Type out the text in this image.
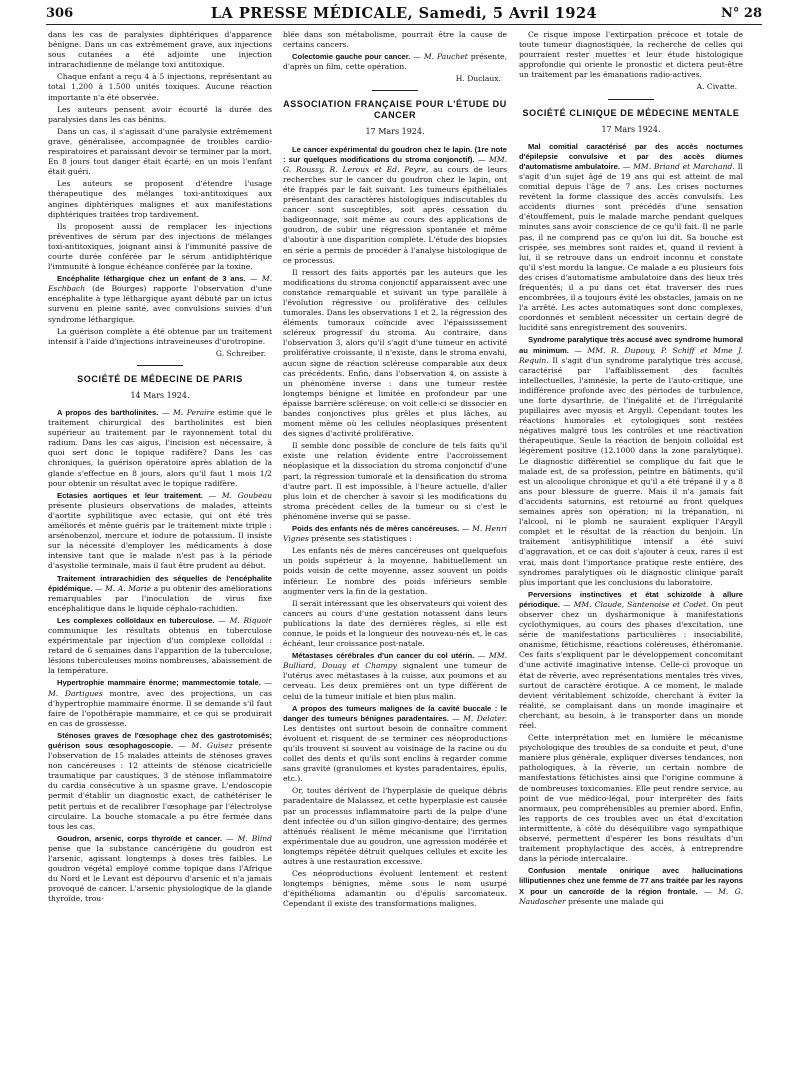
306	LA PRESSE MÉDICALE, Samedi, 5 Avril 1924	N° 28

dans les cas de paralysies diphtériques d'apparence bénigne. Dans un cas extrêmement grave, aux injections sous cutanées a été adjointe une injection intrarachidienne de mélange toxi antitoxique.

Chaque enfant a reçu 4 à 5 injections, représentant au total 1.200 à 1.500 unités toxiques. Aucune réaction importante n'a été observée.

Les auteurs pensent avoir écourté la durée des paralysies dans les cas bénins.

Dans un cas, il s'agissait d'une paralysie extrêmement grave, généralisée, accompagnée de troubles cardio-respiratoires et paraissant devoir se terminer par la mort. En 8 jours tout danger était écarté; en un mois l'enfant était guéri.

Les auteurs se proposent d'étendre l'usage thérapeutique des mélanges toxi-antitoxiques aux angines diphtériques malignes et aux manifestations diphtériques traitées trop tardivement.

Ils proposent aussi de remplacer les injections préventives de sérum par des injections de mélanges toxi-antitoxiques, joignant ainsi à l'immunité passive de courte durée conférée par le sérum antidiphtérique l'immunité à longue échéance conférée par la toxine.

Encéphalite léthargique chez un enfant de 3 ans. — M. Eschbach (de Bourges) rapporte l'observation d'une encéphalite à type léthargique ayant débuté par un ictus survenu en pleine santé, avec convulsions suivies d'un syndrome léthargique.

La guérison complète a été obtenue par un traitement intensif à l'aide d'injections intraveineuses d'urotropine.

G. Schreiber.
SOCIÉTÉ DE MÉDECINE DE PARIS
14 Mars 1924.

A propos des bartholinites. — M. Peraire estime que le traitement chirurgical des bartholinites est bien supérieur au traitement par le rayonnement total du radium. Dans les cas aigus, l'incision est nécessaire, à quoi sert donc le topique radifère? Dans les cas chroniques, la guérison opératoire après ablation de la glande s'effectue en 8 jours, alors qu'il faut 1 mois 1/2 pour obtenir un résultat avec le topique radifère.

Ectasies aortiques et leur traitement. — M. Goubeau présente plusieurs observations de malades, atteints d'aortite syphilitique avec ectasie, qui ont été très améliorés et même guéris par le traitement mixte triple : arsénobenzol, mercure et iodure de potassium. Il insiste sur la nécessité d'employer les médicaments à dose intensive tant que le malade n'est pas à la période d'asystolie terminale, mais il faut être prudent au début.

Traitement intrarachidien des séquelles de l'encéphalite épidémique. — M. A. Marie a pu obtenir des améliorations remarquables par l'inoculation de virus fixe encéphalitique dans le liquide céphalo-rachidien.

Les complexes colloïdaux en tuberculose. — M. Riquoir communique les résultats obtenus en tuberculose expérimentale par injection d'un complexe colloïdal : retard de 6 semaines dans l'apparition de la tuberculose, lésions tuberculeuses moins nombreuses, abaissement de la température.

Hypertrophie mammaire énorme; mammectomie totale. — M. Dartigues montre, avec des projections, un cas d'hypertrophie mammaire énorme. Il se demande s'il faut faire de l'opothérapie mammaire, et ce qui se produirait en cas de grossesse.

Sténoses graves de l'œsophage chez des gastrotomisés; guérison sous œsophagoscopie. — M. Guisez présente l'observation de 15 malades atteints de sténoses graves non cancéreuses : 12 atteints de sténose cicatricielle traumatique par caustiques, 3 de sténose inflammatoire du cardia consécutive à un spasme grave. L'endoscopie permit d'établir un diagnostic exact, de cathétériser le petit pertuis et de recalibrer l'œsophage par l'électrolyse circulaire. La bouche stomacale a pu être fermée dans tous les cas.

Goudron, arsenic, corps thyroïde et cancer. — M. Blind pense que la substance cancérigène du goudron est l'arsenic, agissant longtemps à doses très faibles. Le goudron végétal employé comme topique dans l'Afrique du Nord et le Levant est dépourvu d'arsenic et n'a jamais provoqué de cancer. L'arsenic physiologique de la glande thyroïde, trou-

blée dans son métabolisme, pourrait être la cause de certains cancers.

Colectomie gauche pour cancer. — M. Pauchet présente, d'après un film, cette opération.

H. Duclaux.
ASSOCIATION FRANÇAISE POUR L'ÉTUDE DU CANCER
17 Mars 1924.

Le cancer expérimental du goudron chez le lapin. (1re note : sur quelques modifications du stroma conjonctif). — MM. G. Roussy, R. Leroux et Ed. Peyre, au cours de leurs recherches sur le cancer du goudron chez le lapin, ont été frappés par le fait suivant. Les tumeurs épithéliales présentant des caractères histologiques indiscutables du cancer sont susceptibles, soit après cessation du badigeonnage, soit même au cours des applications de goudron, de subir une régression spontanée et même d'aboutir à une disparition complète. L'étude des biopsies en série a permis de procéder à l'analyse histologique de ce processus.

Il ressort des faits apportés par les auteurs que les modifications du stroma conjonctif apparaissent avec une constance remarquable et suivant un type parallèle à l'évolution régressive ou proliférative des cellules tumorales. Dans les observations 1 et 2, la régression des éléments tumoraux coïncide avec l'épaississement scléreux progressif du stroma. Au contraire, dans l'observation 3, alors qu'il s'agit d'une tumeur en activité proliférative croissante, il n'existe, dans le stroma envahi, aucun signe de réaction scléreuse comparable aux deux cas précédents. Enfin, dans l'observation 4, on assiste à un phénomène inverse : dans une tumeur restée longtemps bénigne et limitée en profondeur par une épaisse barrière scléreuse, on voit celle-ci se dissocier en bandes conjonctives plus grêles et plus lâches, au moment même où les cellules néoplasiques présentent des signes d'activité proliférative.

Il semble donc possible de conclure de tels faits qu'il existe une relation évidente entre l'accroissement néoplasique et la dissociation du stroma conjonctif d'une part, la régression tumorale et la densification du stroma d'autre part. Il est impossible, à l'heure actuelle, d'aller plus loin et de chercher à savoir si les modifications du stroma précèdent celles de la tumeur ou si c'est le phénomène inverse qui se passe.

Poids des enfants nés de mères cancéreuses. — M. Henri Vignes présente ses statistiques :

Les enfants nés de mères cancéreuses ont quelquefois un poids supérieur à la moyenne, habituellement un poids voisin de cette moyenne, assez souvent un poids inférieur. Le nombre des poids inférieurs semble augmenter vers la fin de la gestation.

Il serait intéressant que les observateurs qui voient des cancers au cours d'une gestation notassent dans leurs publications la date des dernières règles, si elle est connue, le poids et la longueur des nouveau-nés et, le cas échéant, leur croissance post-natale.

Métastases cérébrales d'un cancer du col utérin. — MM. Bulliard, Douay et Champy signalent une tumeur de l'utérus avec métastases à la cuisse, aux poumons et au cerveau. Les deux premières ont un type différent de celui de la tumeur initiale et bien plus malin.

A propos des tumeurs malignes de la cavité buccale : le danger des tumeurs bénignes paradentaires. — M. Delater. Les dentistes ont surtout besoin de connaître comment évoluent et risquent de se terminer ces néoproductions qu'ils trouvent si souvent au voisinage de la racine ou du collet des dents et qu'ils sont enclins à regarder comme sans gravité (granulomes et kystes paradentaires, épulis, etc.).

Or, toutes dérivent de l'hyperplasie de quelque débris paradentaire de Malassez, et cette hyperplasie est causée par un processus inflammatoire parti de la pulpe d'une dent infectée ou d'un sillon gingivo-dentaire; des germes atténués réalisent le même mécanisme que l'irritation expérimentale due au goudron, une agression modérée et longtemps répétée détruit quelques cellules et excite les autres à une restauration excessive.

Ces néoproductions évoluent lentement et restent longtemps bénignes, même sous le nom usurpé d'épithélioma adamantin ou d'épulis sarcomateux. Cependant il existe des transformations malignes.

Ce risque impose l'extirpation précoce et totale de toute tumeur diagnostiquée, la recherche de celles qui pourraient rester muettes et leur étude histologique approfondie qui oriente le pronostic et dictera peut-être un traitement par les émanations radio-actives.

A. Civatte.
SOCIÉTÉ CLINIQUE DE MÉDECINE MENTALE
17 Mars 1924.

Mal comitial caractérisé par des accès nocturnes d'épilepsie convulsive et par des accès diurnes d'automatisme ambulatoire. — MM. Briand et Marchand. Il s'agit d'un sujet âgé de 19 ans qui est atteint de mal comitial depuis l'âge de 7 ans. Les crises nocturnes revêtent la forme classique des accès convulsifs. Les accidents diurnes sont précédés d'une sensation d'étouffement, puis le malade marche pendant quelques minutes sans avoir conscience de ce qu'il fait. Il ne parle pas, il ne comprend pas ce qu'on lui dit. Sa bouche est crispée, ses membres sont raides et, quand il revient à lui, il se retrouve dans un endroit inconnu et constate qu'il s'est mordu la langue. Ce malade a eu plusieurs fois des crises d'automatisme ambulatoire dans des lieux très fréquentés; il a pu dans cet état traverser des rues encombrées, il a toujours évité les obstacles, jamais on ne l'a arrêté. Les actes automatiques sont donc complexes, coordonnés et semblent nécessiter un certain degré de lucidité sans enregistrement des souvenirs.

Syndrome paralytique très accusé avec syndrome humoral au minimum. — MM. R. Dupouy, P. Schiff et Mme J. Requin. Il s'agit d'un syndrome paralytique très accusé, caractérisé par l'affaiblissement des facultés intellectuelles, l'amnésie, la perte de l'auto-critique, une indifférence profonde avec des périodes de turbulence, une forte dysarthrie, de l'inégalité et de l'irrégularité pupillaires avec myosis et Argyll. Cependant toutes les réactions humorales et cytologiques sont restées négatives malgré tous les contrôles et une réactivation thérapeutique. Seule la réaction de benjoin colloïdal est légèrement positive (12.1000 dans la zone paralytique). Le diagnostic différentiel se complique du fait que le malade est, de sa profession, peintre en bâtiments, qu'il est un alcoolique chronique et qu'il a été trépané il y a 8 ans pour blessure de guerre. Mais il n'a jamais fait d'accidents saturnins, est retourné au front quelques semaines après son opération; ni la trépanation, ni l'alcool, ni le plomb ne sauraient expliquer l'Argyll complet et le résultat de la réaction du benjoin. Un traitement antisyphilitique intensif a été suivi d'aggravation, et ce cas doit s'ajouter à ceux, rares il est vrai, mais dont l'importance pratique reste entière, des syndromes paralytiques où le diagnostic clinique paraît plus important que les conclusions du laboratoire.

Perversions instinctives et état schizoïde à allure périodique. — MM. Claude, Santenoise et Codet. On peut observer chez un dysharmonique à manifestations cyclothymiques, au cours des phases d'excitation, une série de manifestations particulières : insociabilité, onanisme, fétichisme, réactions coléreuses, éthéromanie. Ces faits s'expliquent par le développement concomitant d'une activité imaginative intense. Celle-ci provoque un état de rêverie, avec représentations mentales très vives, surtout de caractère érotique. A ce moment, le malade devient véritablement schizoïde, cherchant à éviter la réalité, se complaisant dans un monde imaginaire et cherchant, au besoin, à le transporter dans un monde réel.

Cette interprétation met en lumière le mécanisme psychologique des troubles de sa conduite et peut, d'une manière plus générale, expliquer diverses tendances, non pathologiques, à la rêverie, un certain nombre de manifestations fétichistes ainsi que l'origine commune à de nombreuses toxicomanies. Elle peut rendre service, au point de vue médico-légal, pour interpréter des faits anormaux, peu compréhensibles au premier abord. Enfin, les rapports de ces troubles avec un état d'excitation intermittente, à côté du déséquilibre vago sympathique observé, permettent d'espérer les bons résultats d'un traitement prophylactique des accès, à entreprendre dans la période intercalaire.

Confusion mentale onirique avec hallucinations lilliputiennes chez une femme de 77 ans traitée par les rayons X pour un cancroïde de la région frontale. — M. G. Naudascher présente une malade qui
